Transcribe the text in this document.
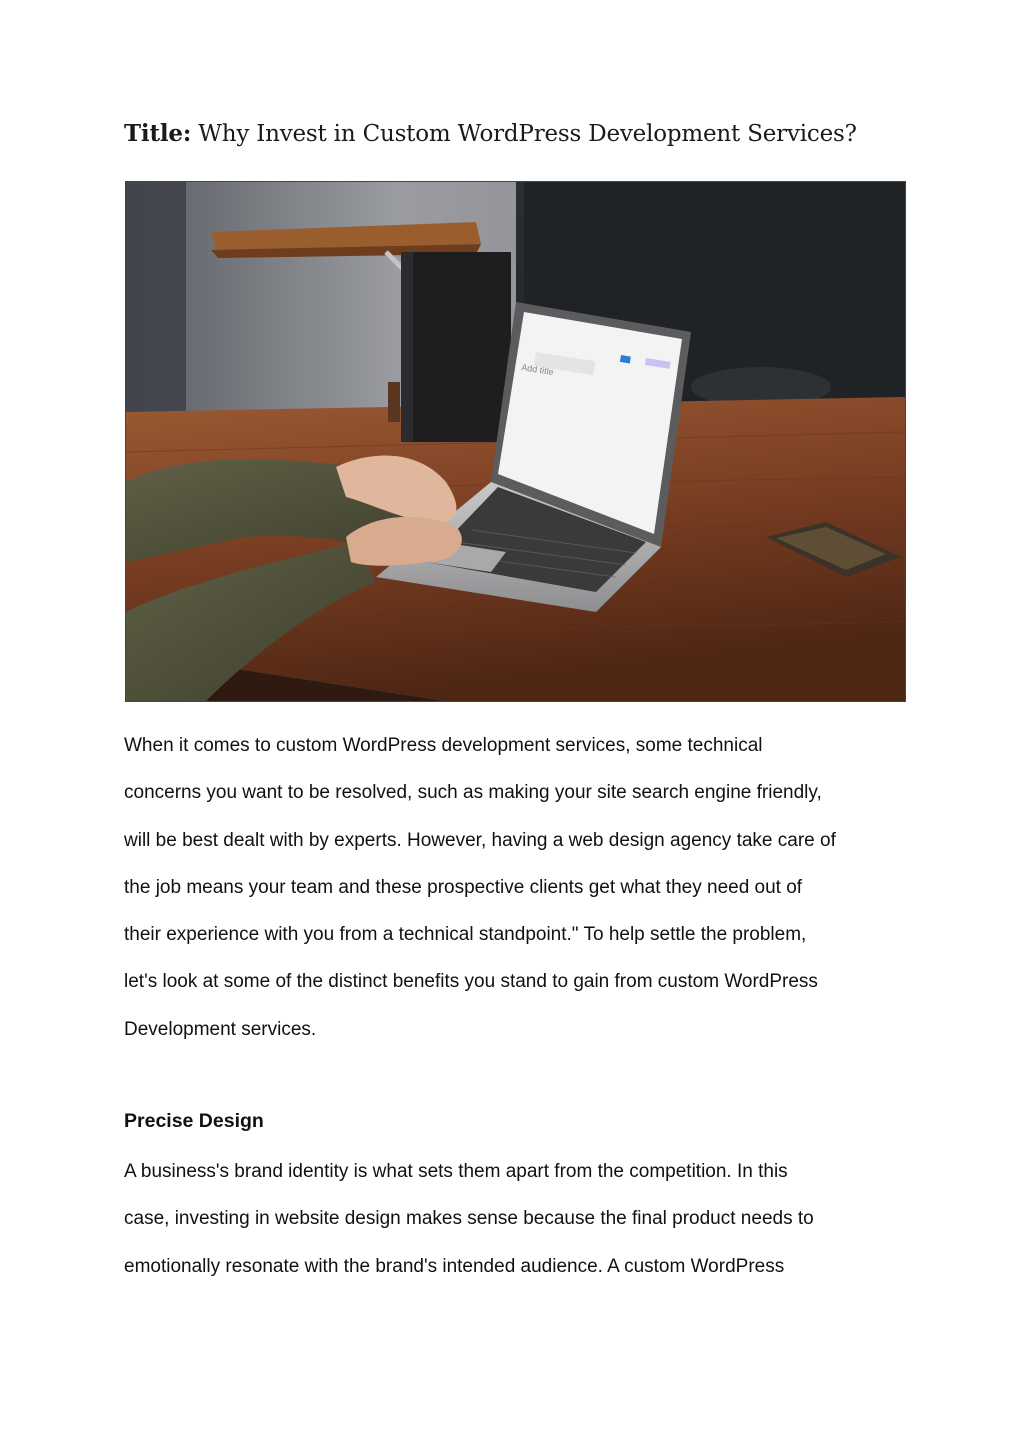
Title: Why Invest in Custom WordPress Development Services?
Add title
When it comes to custom WordPress development services, some technical
concerns you want to be resolved, such as making your site search engine friendly,
will be best dealt with by experts. However, having a web design agency take care of
the job means your team and these prospective clients get what they need out of
their experience with you from a technical standpoint." To help settle the problem,
let's look at some of the distinct benefits you stand to gain from custom WordPress
Development services.
Precise Design
A business's brand identity is what sets them apart from the competition. In this
case, investing in website design makes sense because the final product needs to
emotionally resonate with the brand's intended audience. A custom WordPress
